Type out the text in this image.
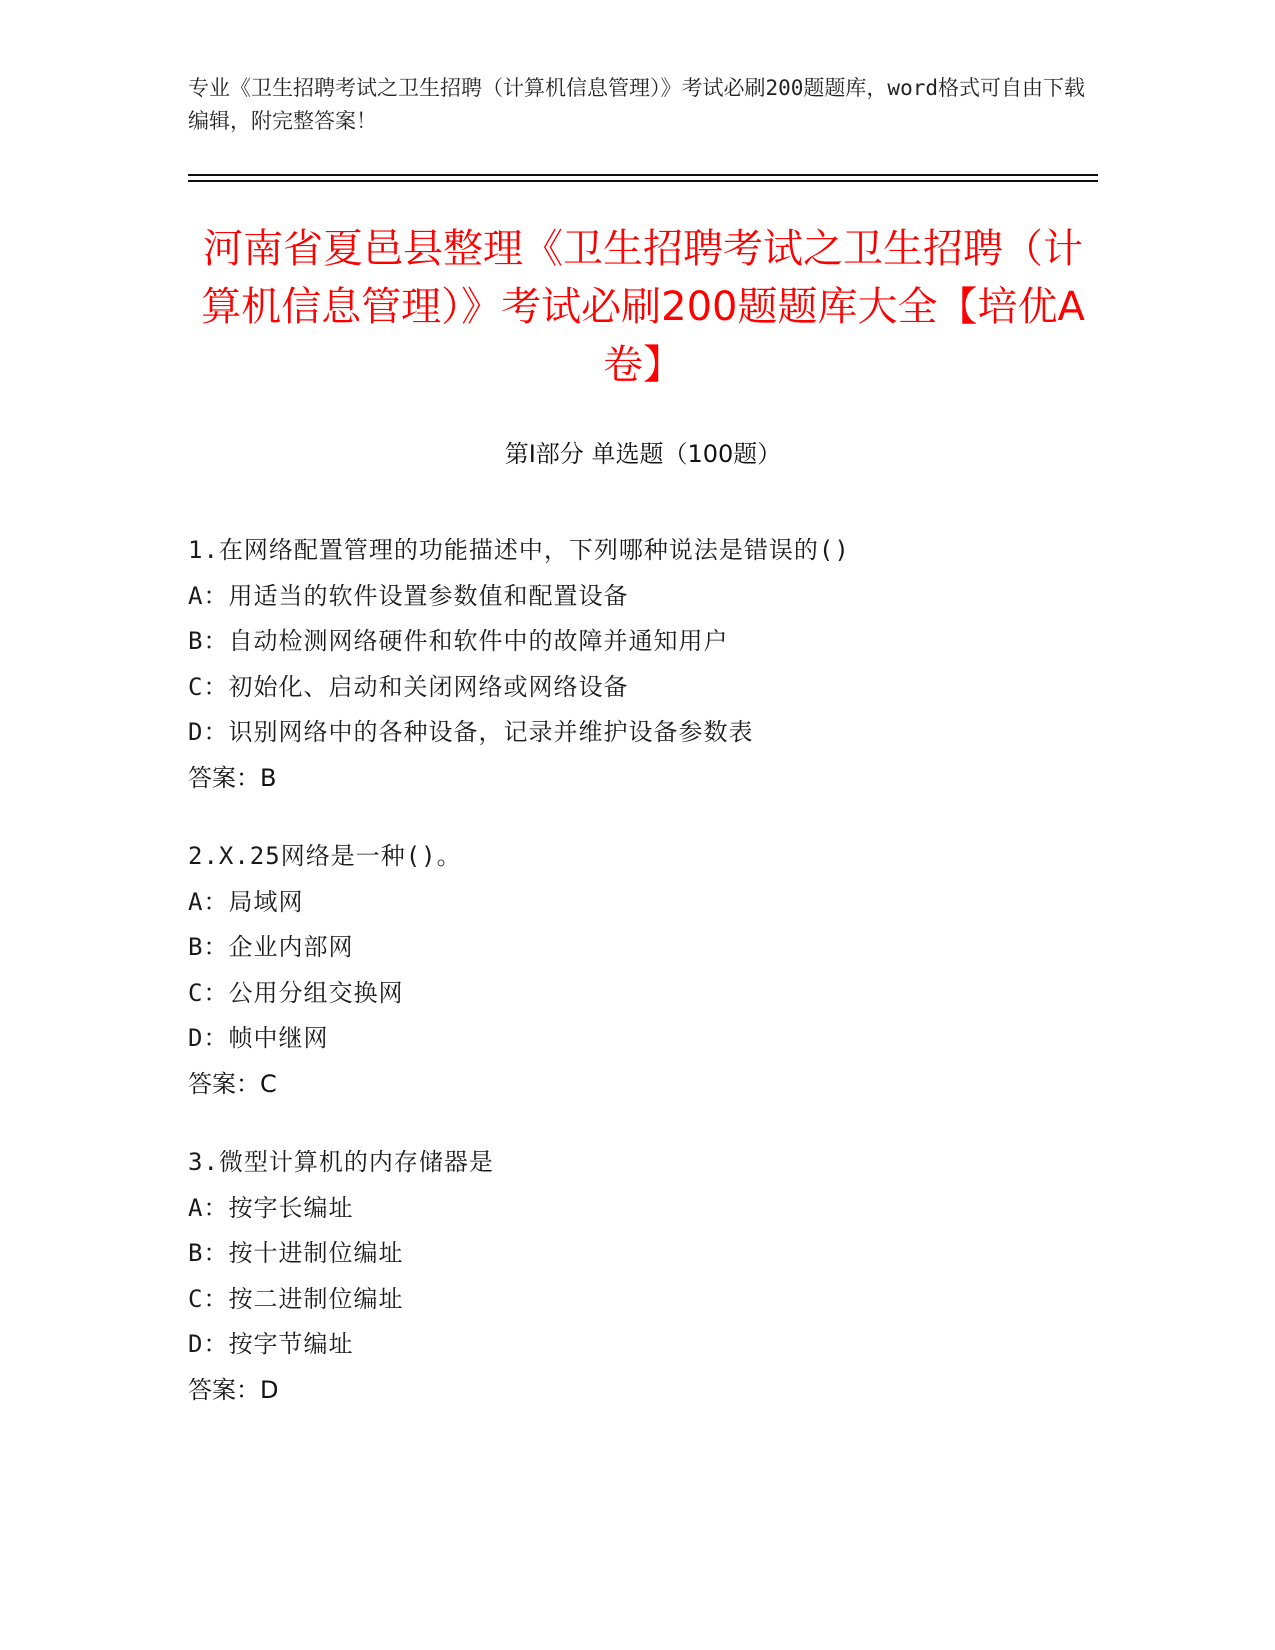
专业《卫生招聘考试之卫生招聘（计算机信息管理）》考试必刷200题题库，word格式可自由下载编辑，附完整答案！
河南省夏邑县整理《卫生招聘考试之卫生招聘（计算机信息管理）》考试必刷200题题库大全【培优A卷】
第I部分 单选题（100题）
1.在网络配置管理的功能描述中，下列哪种说法是错误的()
A：用适当的软件设置参数值和配置设备
B：自动检测网络硬件和软件中的故障并通知用户
C：初始化、启动和关闭网络或网络设备
D：识别网络中的各种设备，记录并维护设备参数表
答案：B
2.X.25网络是一种()。
A：局域网
B：企业内部网
C：公用分组交换网
D：帧中继网
答案：C
3.微型计算机的内存储器是
A：按字长编址
B：按十进制位编址
C：按二进制位编址
D：按字节编址
答案：D
